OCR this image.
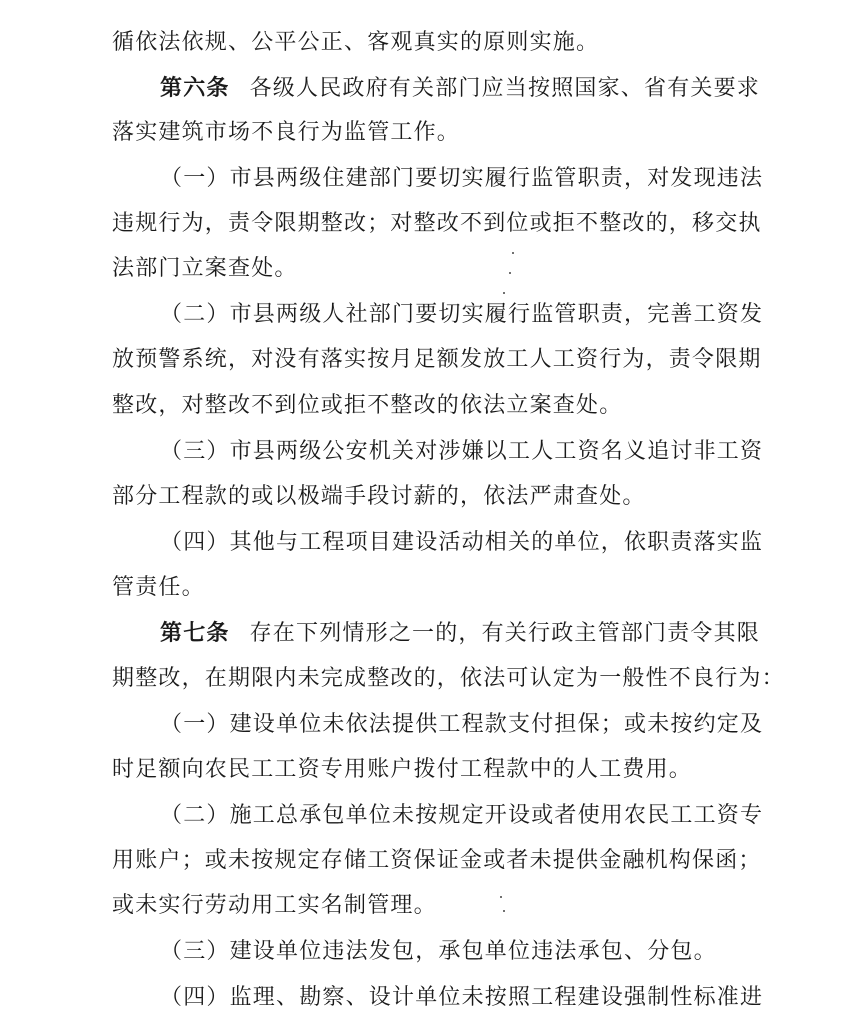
循依法依规、公平公正、客观真实的原则实施。
第六条 各级人民政府有关部门应当按照国家、省有关要求
落实建筑市场不良行为监管工作。
（一）市县两级住建部门要切实履行监管职责，对发现违法
违规行为，责令限期整改；对整改不到位或拒不整改的，移交执
法部门立案查处。
（二）市县两级人社部门要切实履行监管职责，完善工资发
放预警系统，对没有落实按月足额发放工人工资行为，责令限期
整改，对整改不到位或拒不整改的依法立案查处。
（三）市县两级公安机关对涉嫌以工人工资名义追讨非工资
部分工程款的或以极端手段讨薪的，依法严肃查处。
（四）其他与工程项目建设活动相关的单位，依职责落实监
管责任。
第七条 存在下列情形之一的，有关行政主管部门责令其限
期整改，在期限内未完成整改的，依法可认定为一般性不良行为：
（一）建设单位未依法提供工程款支付担保；或未按约定及
时足额向农民工工资专用账户拨付工程款中的人工费用。
（二）施工总承包单位未按规定开设或者使用农民工工资专
用账户；或未按规定存储工资保证金或者未提供金融机构保函；
或未实行劳动用工实名制管理。
（三）建设单位违法发包，承包单位违法承包、分包。
（四）监理、勘察、设计单位未按照工程建设强制性标准进
